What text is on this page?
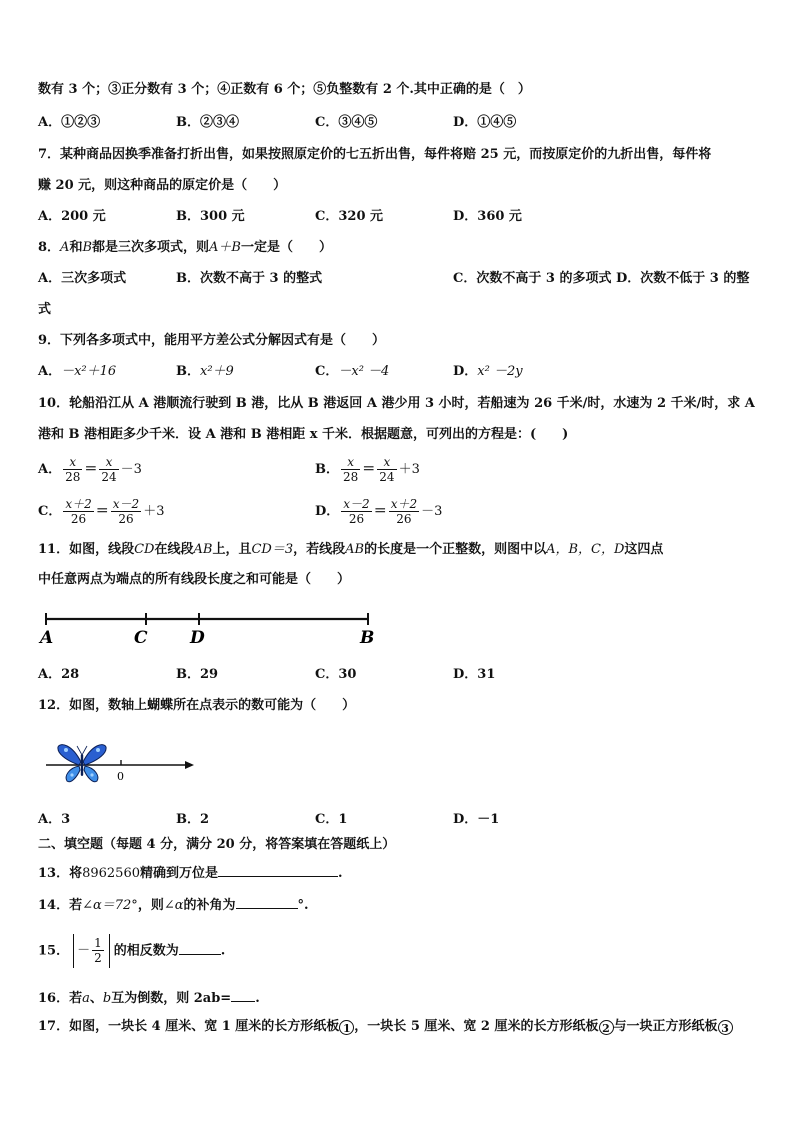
数有 3 个；③正分数有 3 个；④正数有 6 个；⑤负整数有 2 个.其中正确的是（　）
A．①②③	B．②③④	C．③④⑤	D．①④⑤
7．某种商品因换季准备打折出售，如果按照原定价的七五折出售，每件将赔 25 元，而按原定价的九折出售，每件将
赚 20 元，则这种商品的原定价是（　　）
A．200 元	B．300 元	C．320 元	D．360 元
8．A和B都是三次多项式，则A＋B一定是（　　）
A．三次多项式	B．次数不高于 3 的整式	C．次数不高于 3 的多项式 D．次数不低于 3 的整
式
9．下列各多项式中，能用平方差公式分解因式有是（　　）
A．－x²＋16	B．x²＋9	C．－x² －4	D．x² －2y
10．轮船沿江从 A 港顺流行驶到 B 港，比从 B 港返回 A 港少用 3 小时，若船速为 26 千米/时，水速为 2 千米/时，求 A
港和 B 港相距多少千米．设 A 港和 B 港相距 x 千米．根据题意，可列出的方程是：(　　)
A． $\frac{x}{28} = \frac{x}{24} -3$	B． $\frac{x}{28} = \frac{x}{24} +3$
C． $\frac{x+2}{26} = \frac{x-2}{26} +3$	D． $\frac{x-2}{26} = \frac{x+2}{26} -3$
11．如图，线段CD在线段AB上，且CD＝3，若线段AB的长度是一个正整数，则图中以A，B，C，D这四点
中任意两点为端点的所有线段长度之和可能是（　　）
A	C D	B
A．28	B．29	C．30	D．31
12．如图，数轴上蝴蝶所在点表示的数可能为（　　）
0
A．3	B．2	C．1	D．－1
二、填空题（每题 4 分，满分 20 分，将答案填在答题纸上）
13．将8962560精确到万位是	.
14．若∠α＝72°，则∠α的补角为	°.
15． － $\frac{1}{2}$ 的相反数为	.
16．若a、b互为倒数，则 2ab= .
17．如图，一块长 4 厘米、宽 1 厘米的长方形纸板 1 ，一块长 5 厘米、宽 2 厘米的长方形纸板 2 与一块正方形纸板 3
